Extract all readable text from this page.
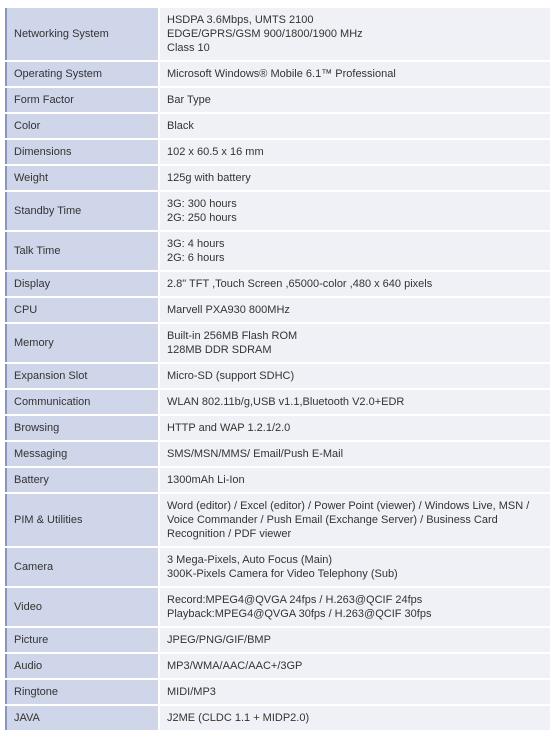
Networking System	HSDPA 3.6Mbps, UMTS 2100
EDGE/GPRS/GSM 900/1800/1900 MHz
Class 10

Operating System	Microsoft Windows® Mobile 6.1™ Professional

Form Factor	Bar Type

Color	Black

Dimensions	102 x 60.5 x 16 mm

Weight	125g with battery

Standby Time	3G: 300 hours
2G: 250 hours

Talk Time	3G: 4 hours
2G: 6 hours

Display	2.8" TFT ,Touch Screen ,65000-color ,480 x 640 pixels

CPU	Marvell PXA930 800MHz

Memory	Built-in 256MB Flash ROM
128MB DDR SDRAM

Expansion Slot	Micro-SD (support SDHC)

Communication	WLAN 802.11b/g,USB v1.1,Bluetooth V2.0+EDR

Browsing	HTTP and WAP 1.2.1/2.0

Messaging	SMS/MSN/MMS/ Email/Push E-Mail

Battery	1300mAh Li-Ion

PIM & Utilities	Word (editor) / Excel (editor) / Power Point (viewer) / Windows Live, MSN /
Voice Commander / Push Email (Exchange Server) / Business Card
Recognition / PDF viewer

Camera	3 Mega-Pixels, Auto Focus (Main)
300K-Pixels Camera for Video Telephony (Sub)

Video	Record:MPEG4@QVGA 24fps / H.263@QCIF 24fps
Playback:MPEG4@QVGA 30fps / H.263@QCIF 30fps

Picture	JPEG/PNG/GIF/BMP

Audio	MP3/WMA/AAC/AAC+/3GP

Ringtone	MIDI/MP3

JAVA	J2ME (CLDC 1.1 + MIDP2.0)
